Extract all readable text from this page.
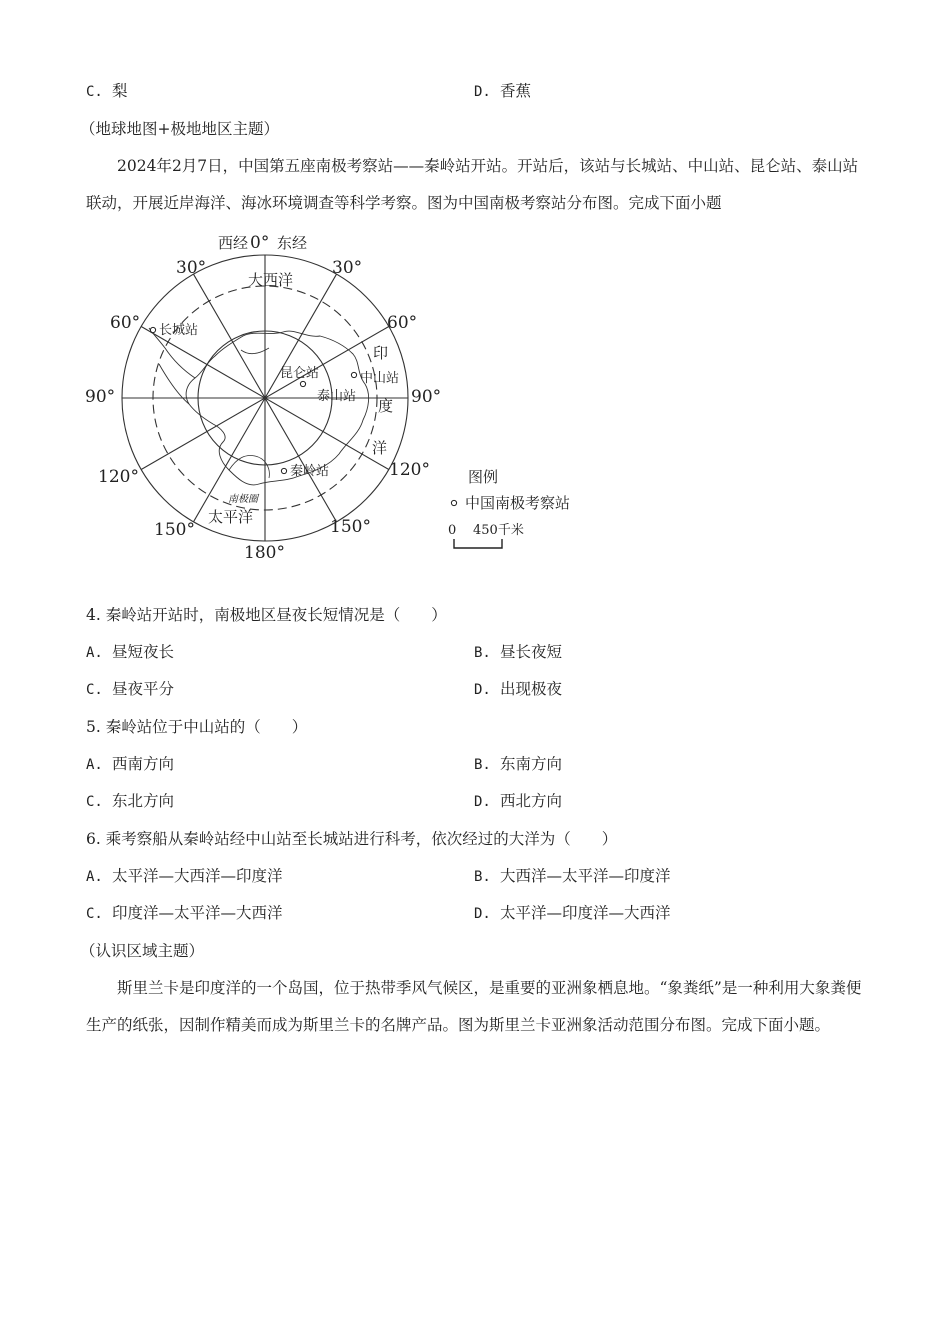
C. 梨	D. 香蕉
（地球地图+极地地区主题）
2024年2月7日，中国第五座南极考察站——秦岭站开站。开站后，该站与长城站、中山站、昆仑站、泰山站联动，开展近岸海洋、海冰环境调查等科学考察。图为中国南极考察站分布图。完成下面小题
西经 0° 东经
30°	30°
60°	60°
90°	90°
120°	120°
150°	150°
180°
大西洋
印
度
洋
太平洋
南极圈
长城站
昆仑站	中山站
泰山站
秦岭站	图例
中国南极考察站
0 450千米
4. 秦岭站开站时，南极地区昼夜长短情况是（　　）
A. 昼短夜长	B. 昼长夜短
C. 昼夜平分	D. 出现极夜
5. 秦岭站位于中山站的（　　）
A. 西南方向	B. 东南方向
C. 东北方向	D. 西北方向
6. 乘考察船从秦岭站经中山站至长城站进行科考，依次经过的大洋为（　　）
A. 太平洋—大西洋—印度洋	B. 大西洋—太平洋—印度洋
C. 印度洋—太平洋—大西洋	D. 太平洋—印度洋—大西洋
（认识区域主题）
斯里兰卡是印度洋的一个岛国，位于热带季风气候区，是重要的亚洲象栖息地。“象粪纸”是一种利用大象粪便生产的纸张，因制作精美而成为斯里兰卡的名牌产品。图为斯里兰卡亚洲象活动范围分布图。完成下面小题。
